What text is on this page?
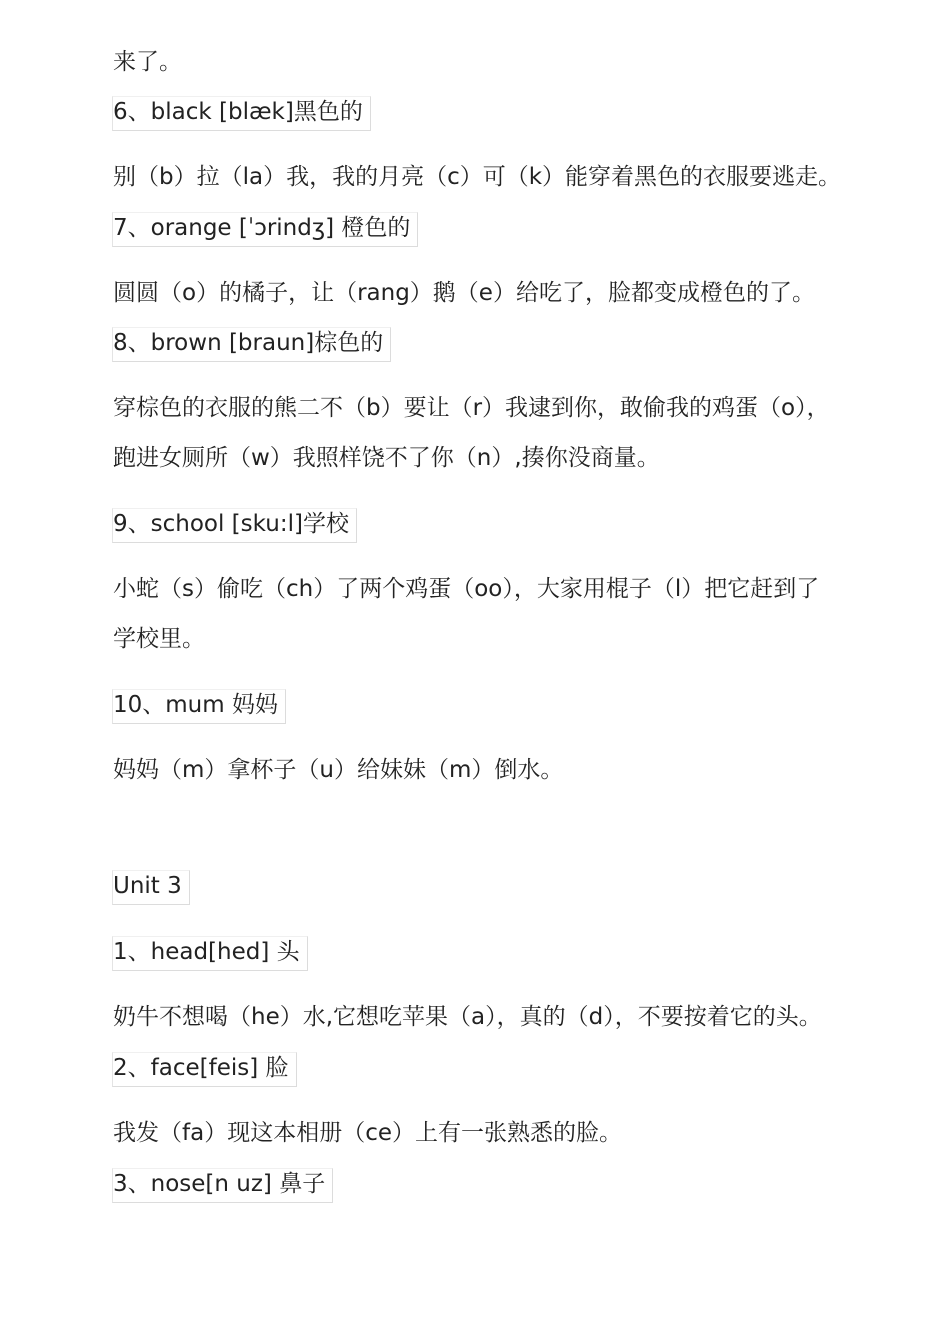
来了。

6、black [blæk]黑色的

别（b）拉（la）我，我的月亮（c）可（k）能穿着黑色的衣服要逃走。

7、orange [ˈɔrindʒ] 橙色的

圆圆（o）的橘子，让（rang）鹅（e）给吃了，脸都变成橙色的了。

8、brown [braun]棕色的

穿棕色的衣服的熊二不（b）要让（r）我逮到你，敢偷我的鸡蛋（o），

跑进女厕所（w）我照样饶不了你（n）,揍你没商量。

9、school [sku:l]学校

小蛇（s）偷吃（ch）了两个鸡蛋（oo），大家用棍子（l）把它赶到了

学校里。

10、mum 妈妈

妈妈（m）拿杯子（u）给妹妹（m）倒水。

Unit 3

1、head[hed] 头

奶牛不想喝（he）水,它想吃苹果（a），真的（d），不要按着它的头。

2、face[feis] 脸

我发（fa）现这本相册（ce）上有一张熟悉的脸。

3、nose[n uz] 鼻子
